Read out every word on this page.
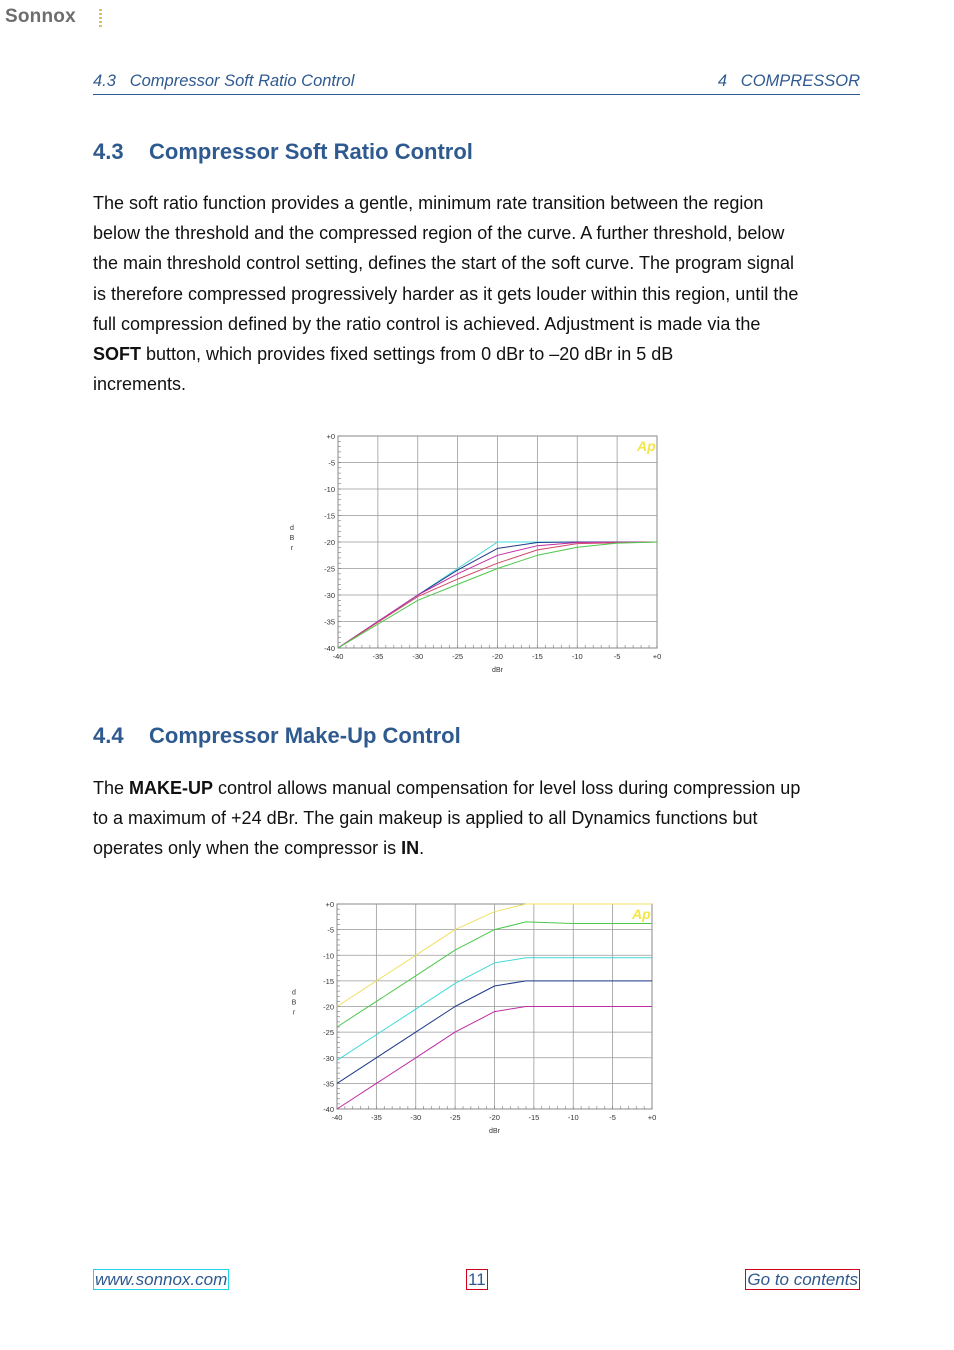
Sonnox
4.3   Compressor Soft Ratio Control	4   COMPRESSOR
4.3 Compressor Soft Ratio Control
The soft ratio function provides a gentle, minimum rate transition between the region
below the threshold and the compressed region of the curve. A further threshold, below
the main threshold control setting, defines the start of the soft curve. The program signal
is therefore compressed progressively harder as it gets louder within this region, until the
full compression defined by the ratio control is achieved. Adjustment is made via the
SOFT button, which provides fixed settings from 0 dBr to –20 dBr in 5 dB
increments.
-40	-35	-30	-25	-20	-15	-10	-5	+0
+0
-5
-10
-15
-20
-25
-30
-35
-40
dBr
d B r
Ap
4.4 Compressor Make-Up Control
The MAKE-UP control allows manual compensation for level loss during compression up
to a maximum of +24 dBr. The gain makeup is applied to all Dynamics functions but
operates only when the compressor is IN.
-40	-35	-30	-25	-20	-15	-10	-5	+0
+0
-5
-10
-15
-20
-25
-30
-35
-40
dBr
d B r
Ap
www.sonnox.com	11	Go to contents
